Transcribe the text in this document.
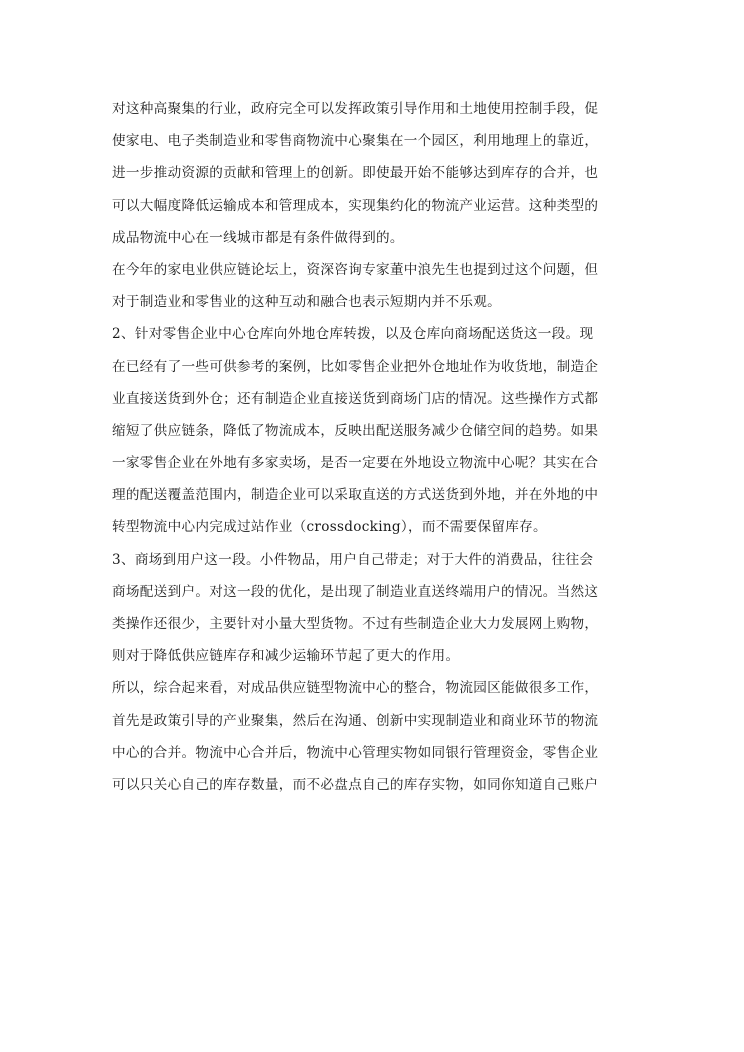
对这种高聚集的行业，政府完全可以发挥政策引导作用和土地使用控制手段，促
使家电、电子类制造业和零售商物流中心聚集在一个园区，利用地理上的靠近，
进一步推动资源的贡献和管理上的创新。即使最开始不能够达到库存的合并，也
可以大幅度降低运输成本和管理成本，实现集约化的物流产业运营。这种类型的
成品物流中心在一线城市都是有条件做得到的。
在今年的家电业供应链论坛上，资深咨询专家董中浪先生也提到过这个问题，但
对于制造业和零售业的这种互动和融合也表示短期内并不乐观。
2、针对零售企业中心仓库向外地仓库转拨，以及仓库向商场配送货这一段。现
在已经有了一些可供参考的案例，比如零售企业把外仓地址作为收货地，制造企
业直接送货到外仓；还有制造企业直接送货到商场门店的情况。这些操作方式都
缩短了供应链条，降低了物流成本，反映出配送服务减少仓储空间的趋势。如果
一家零售企业在外地有多家卖场，是否一定要在外地设立物流中心呢？其实在合
理的配送覆盖范围内，制造企业可以采取直送的方式送货到外地，并在外地的中
转型物流中心内完成过站作业（crossdocking），而不需要保留库存。
3、商场到用户这一段。小件物品，用户自己带走；对于大件的消费品，往往会
商场配送到户。对这一段的优化，是出现了制造业直送终端用户的情况。当然这
类操作还很少，主要针对小量大型货物。不过有些制造企业大力发展网上购物，
则对于降低供应链库存和减少运输环节起了更大的作用。
所以，综合起来看，对成品供应链型物流中心的整合，物流园区能做很多工作，
首先是政策引导的产业聚集，然后在沟通、创新中实现制造业和商业环节的物流
中心的合并。物流中心合并后，物流中心管理实物如同银行管理资金，零售企业
可以只关心自己的库存数量，而不必盘点自己的库存实物，如同你知道自己账户
